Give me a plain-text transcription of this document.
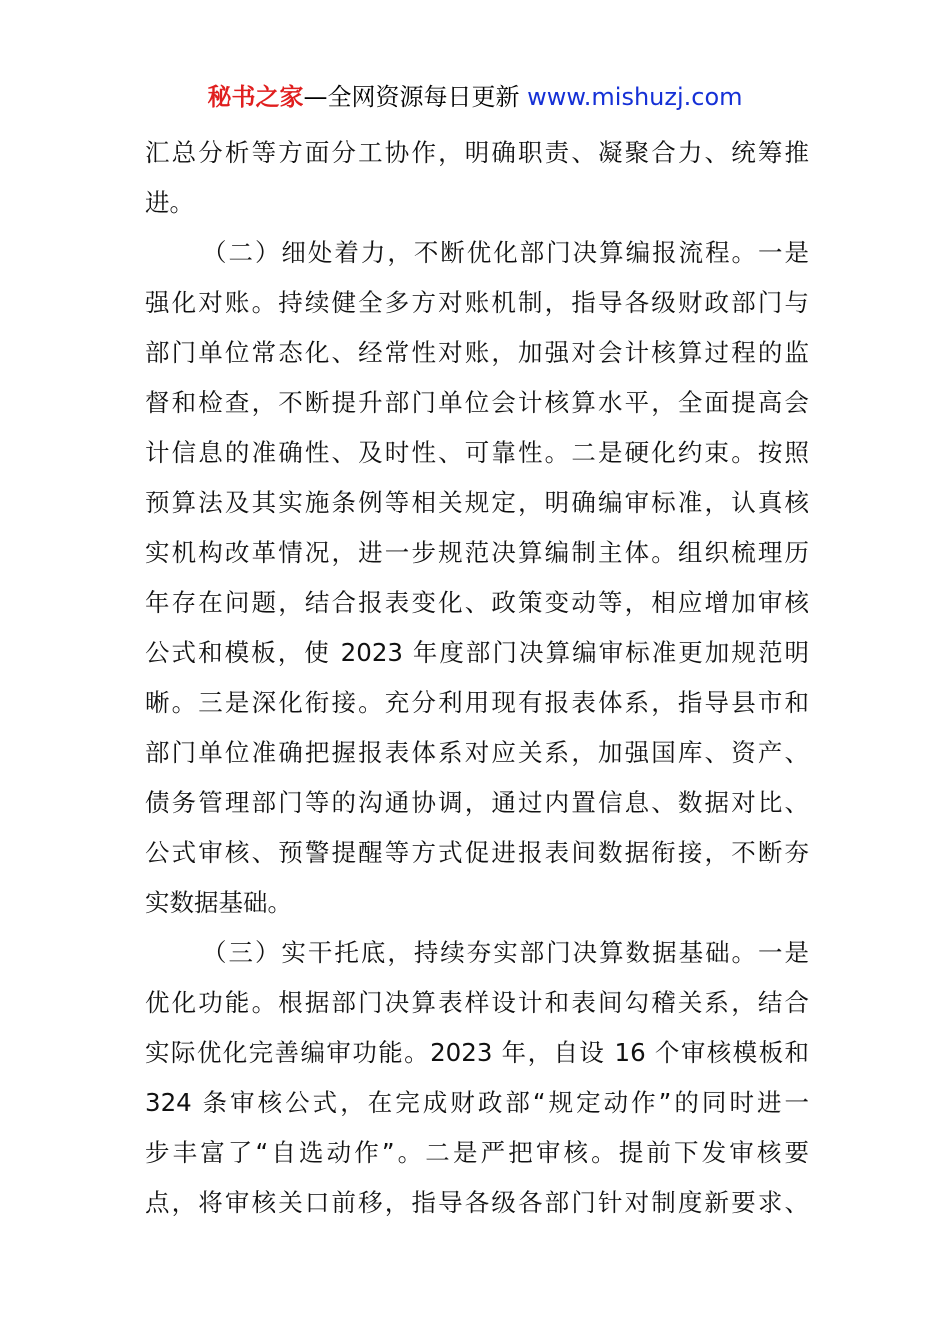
秘书之家—全网资源每日更新 www.mishuzj.com
汇总分析等方面分工协作，明确职责、凝聚合力、统筹推
进。
（二）细处着力，不断优化部门决算编报流程。一是
强化对账。持续健全多方对账机制，指导各级财政部门与
部门单位常态化、经常性对账，加强对会计核算过程的监
督和检查，不断提升部门单位会计核算水平，全面提高会
计信息的准确性、及时性、可靠性。二是硬化约束。按照
预算法及其实施条例等相关规定，明确编审标准，认真核
实机构改革情况，进一步规范决算编制主体。组织梳理历
年存在问题，结合报表变化、政策变动等，相应增加审核
公式和模板，使 2023 年度部门决算编审标准更加规范明
晰。三是深化衔接。充分利用现有报表体系，指导县市和
部门单位准确把握报表体系对应关系，加强国库、资产、
债务管理部门等的沟通协调，通过内置信息、数据对比、
公式审核、预警提醒等方式促进报表间数据衔接，不断夯
实数据基础。
（三）实干托底，持续夯实部门决算数据基础。一是
优化功能。根据部门决算表样设计和表间勾稽关系，结合
实际优化完善编审功能。2023 年，自设 16 个审核模板和
324 条审核公式，在完成财政部“规定动作”的同时进一
步丰富了“自选动作”。二是严把审核。提前下发审核要
点，将审核关口前移，指导各级各部门针对制度新要求、
